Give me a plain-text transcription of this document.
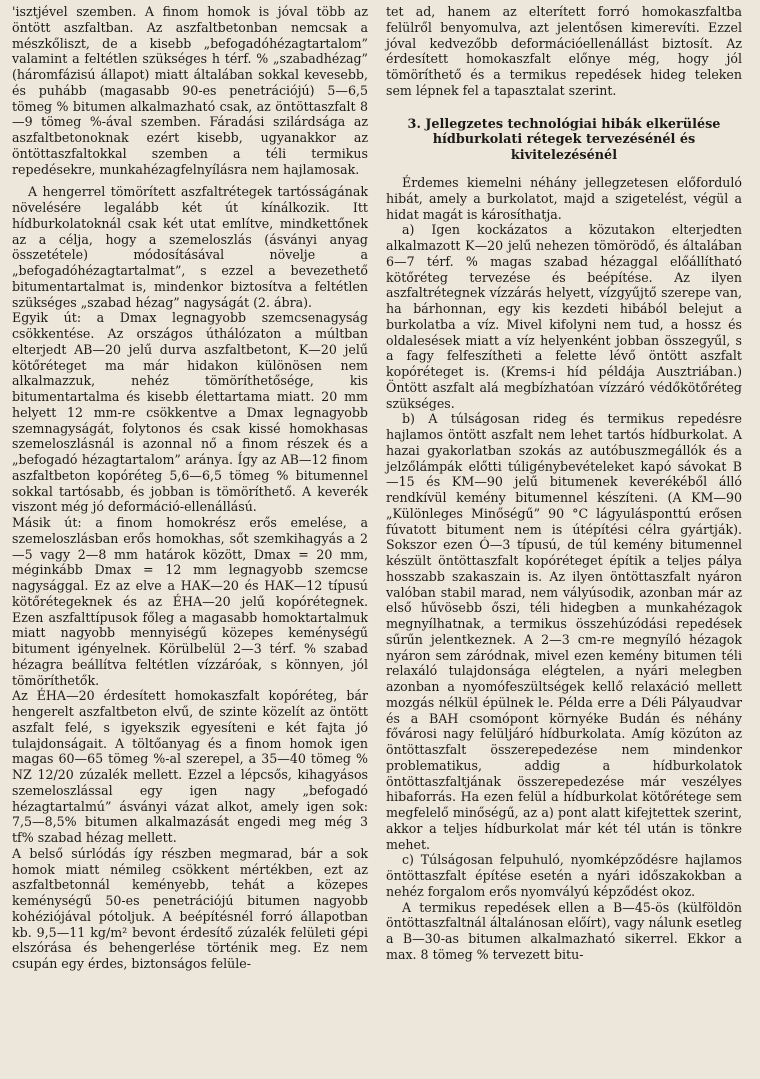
'isztjével szemben. A finom homok is jóval több az öntött aszfaltban. Az aszfaltbetonban nemcsak a mészkőliszt, de a kisebb „befogadóhézagtartalom” valamint a feltétlen szükséges h térf. % „szabadhézag” (háromfázisú állapot) miatt általában sokkal kevesebb, és puhább (magasabb 90-es penetrációjú) 5—6,5 tömeg % bitumen alkalmazható csak, az öntöttaszfalt 8—9 tömeg %-ával szemben. Fáradási szilárdsága az aszfaltbetonoknak ezért kisebb, ugyanakkor az öntöttaszfaltokkal szemben a téli termikus repedésekre, munkahézagfelnyílásra nem hajlamosak.

A hengerrel tömörített aszfaltrétegek tartósságának növelésére legalább két út kínálkozik. Itt hídburkolatoknál csak két utat említve, mindkettőnek az a célja, hogy a szemeloszlás (ásványi anyag összetétele) módosításával növelje a „befogadóhézagtartalmat”, s ezzel a bevezethető bitumentartalmat is, mindenkor biztosítva a feltétlen szükséges „szabad hézag” nagyságát (2. ábra).

Egyik út: a Dmax legnagyobb szemcsenagyság csökkentése. Az országos úthálózaton a múltban elterjedt AB—20 jelű durva aszfaltbetont, K—20 jelű kötőréteget ma már hidakon különösen nem alkalmazzuk, nehéz tömöríthetősége, kis bitumentartalma és kisebb élettartama miatt. 20 mm helyett 12 mm-re csökkentve a Dmax legnagyobb szemnagyságát, folytonos és csak kissé homokhasas szemeloszlásnál is azonnal nő a finom részek és a „befogadó hézagtartalom” aránya. Így az AB—12 finom aszfaltbeton kopóréteg 5,6—6,5 tömeg % bitumennel sokkal tartósabb, és jobban is tömöríthető. A keverék viszont még jó deformáció-ellenállású.

Másik út: a finom homokrész erős emelése, a szemeloszlásban erős homokhas, sőt szemkihagyás a 2—5 vagy 2—8 mm határok között, Dmax = 20 mm, méginkább Dmax = 12 mm legnagyobb szemcse nagysággal. Ez az elve a HAK—20 és HAK—12 típusú kötőrétegeknek és az ÉHA—20 jelű kopórétegnek. Ezen aszfalttípusok főleg a magasabb homoktartalmuk miatt nagyobb mennyiségű közepes keménységű bitument igényelnek. Körülbelül 2—3 térf. % szabad hézagra beállítva feltétlen vízzáróak, s könnyen, jól tömöríthetők.

Az ÉHA—20 érdesített homokaszfalt kopóréteg, bár hengerelt aszfaltbeton elvű, de szinte közelít az öntött aszfalt felé, s igyekszik egyesíteni e két fajta jó tulajdonságait. A töltőanyag és a finom homok igen magas 60—65 tömeg %-al szerepel, a 35—40 tömeg % NZ 12/20 zúzalék mellett. Ezzel a lépcsős, kihagyásos szemeloszlással egy igen nagy „befogadó hézagtartalmú” ásványi vázat alkot, amely igen sok: 7,5—8,5% bitumen alkalmazását engedi meg még 3 tf% szabad hézag mellett.

A belső súrlódás így részben megmarad, bár a sok homok miatt némileg csökkent mértékben, ezt az aszfaltbetonnál keményebb, tehát a közepes keménységű 50-es penetrációjú bitumen nagyobb kohéziójával pótoljuk. A beépítésnél forró állapotban kb. 9,5—11 kg/m² bevont érdesítő zúzalék felületi gépi elszórása és behengerlése történik meg. Ez nem csupán egy érdes, biztonságos felüle-

tet ad, hanem az elterített forró homokaszfaltba felülről benyomulva, azt jelentősen kimerevíti. Ezzel jóval kedvezőbb deformációellenállást biztosít. Az érdesített homokaszfalt előnye még, hogy jól tömöríthető és a termikus repedések hideg teleken sem lépnek fel a tapasztalat szerint.

3. Jellegzetes technológiai hibák elkerülése hídburkolati rétegek tervezésénél és kivitelezésénél

Érdemes kiemelni néhány jellegzetesen előforduló hibát, amely a burkolatot, majd a szigetelést, végül a hidat magát is károsíthatja.

a) Igen kockázatos a közutakon elterjedten alkalmazott K—20 jelű nehezen tömörödő, és általában 6—7 térf. % magas szabad hézaggal előállítható kötőréteg tervezése és beépítése. Az ilyen aszfaltrétegnek vízzárás helyett, vízgyűjtő szerepe van, ha bárhonnan, egy kis kezdeti hibából belejut a burkolatba a víz. Mivel kifolyni nem tud, a hossz és oldalesések miatt a víz helyenként jobban összegyűl, s a fagy felfeszítheti a felette lévő öntött aszfalt kopóréteget is. (Krems-i híd példája Ausztriában.) Öntött aszfalt alá megbízhatóan vízzáró védőkötőréteg szükséges.

b) A túlságosan rideg és termikus repedésre hajlamos öntött aszfalt nem lehet tartós hídburkolat. A hazai gyakorlatban szokás az autóbuszmegállók és a jelzőlámpák előtti túligénybevételeket kapó sávokat B—15 és KM—90 jelű bitumenek keverékéből álló rendkívül kemény bitumennel készíteni. (A KM—90 „Különleges Minőségű” 90 °C lágyulásponttú erősen fúvatott bitument nem is útépítési célra gyártják). Sokszor ezen Ó—3 típusú, de túl kemény bitumennel készült öntöttaszfalt kopóréteget építik a teljes pálya hosszabb szakaszain is. Az ilyen öntöttaszfalt nyáron valóban stabil marad, nem vályúsodik, azonban már az első hűvösebb őszi, téli hidegben a munkahézagok megnyílhatnak, a termikus összehúzódási repedések sűrűn jelentkeznek. A 2—3 cm-re megnyíló hézagok nyáron sem záródnak, mivel ezen kemény bitumen téli relaxáló tulajdonsága elégtelen, a nyári melegben azonban a nyomófeszültségek kellő relaxáció mellett mozgás nélkül épülnek le. Példa erre a Déli Pályaudvar és a BAH csomópont környéke Budán és néhány fővárosi nagy felüljáró hídburkolata. Amíg közúton az öntöttaszfalt összerepedezése nem mindenkor problematikus, addig a hídburkolatok öntöttaszfaltjának összerepedezése már veszélyes hibaforrás. Ha ezen felül a hídburkolat kötőrétege sem megfelelő minőségű, az a) pont alatt kifejtettek szerint, akkor a teljes hídburkolat már két tél után is tönkre mehet.

c) Túlságosan felpuhuló, nyomképződésre hajlamos öntöttaszfalt építése esetén a nyári időszakokban a nehéz forgalom erős nyomvályú képződést okoz.

A termikus repedések ellen a B—45-ös (külföldön öntöttaszfaltnál általánosan előírt), vagy nálunk esetleg a B—30-as bitumen alkalmazható sikerrel. Ekkor a max. 8 tömeg % tervezett bitu-
